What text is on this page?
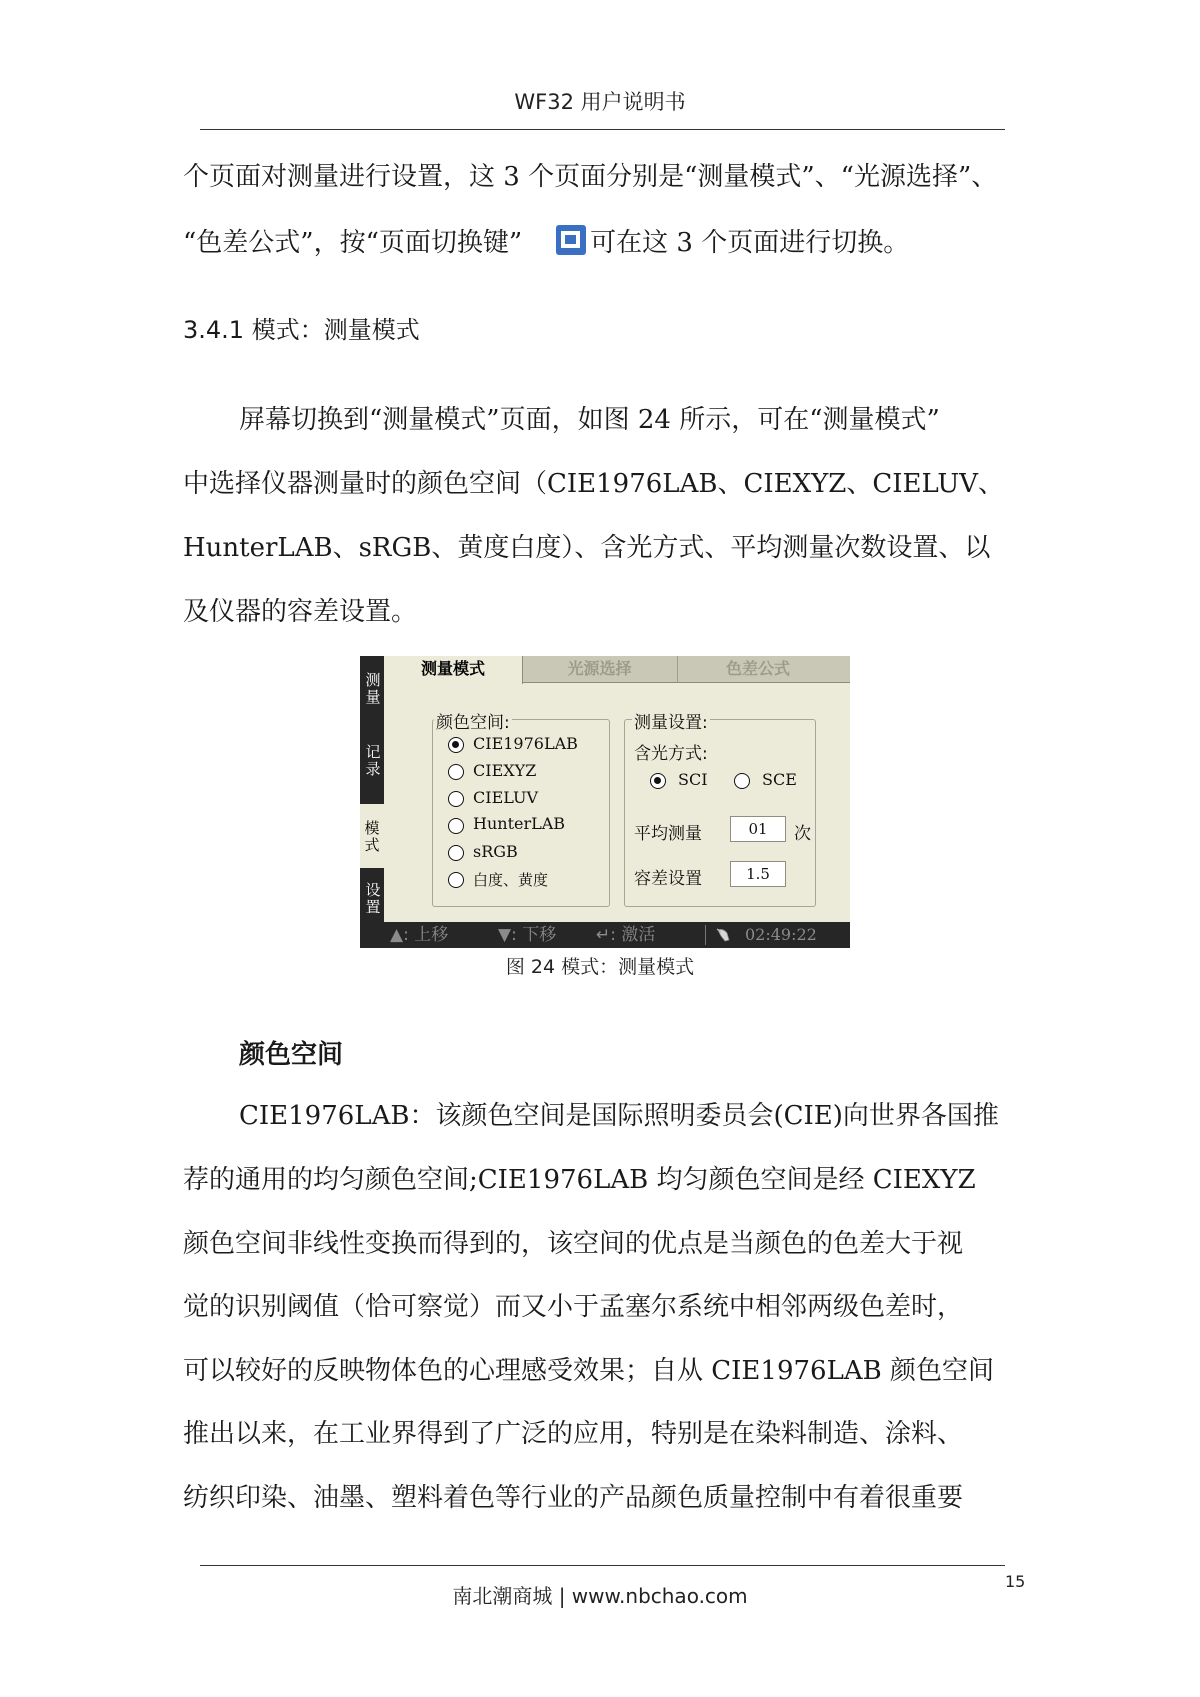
WF32 用户说明书
个页面对测量进行设置，这 3 个页面分别是“测量模式”、“光源选择”、
“色差公式”，按“页面切换键”	可在这 3 个页面进行切换。
3.4.1 模式：测量模式
屏幕切换到“测量模式”页面，如图 24 所示，可在“测量模式”
中选择仪器测量时的颜色空间（CIE1976LAB、CIEXYZ、CIELUV、
HunterLAB、sRGB、黄度白度）、含光方式、平均测量次数设置、以
及仪器的容差设置。
测量
记录
模式
设置
测量模式	光源选择	色差公式
颜色空间:
CIE1976LAB
CIEXYZ
CIELUV
HunterLAB
sRGB
白度、黄度
测量设置:
含光方式:
SCI	SCE
平均测量	01	次
容差设置	1.5
▲: 上移	▼: 下移 ↵: 激活	02:49:22
图 24 模式：测量模式
颜色空间
CIE1976LAB：该颜色空间是国际照明委员会(CIE)向世界各国推
荐的通用的均匀颜色空间;CIE1976LAB 均匀颜色空间是经 CIEXYZ
颜色空间非线性变换而得到的，该空间的优点是当颜色的色差大于视
觉的识别阈值（恰可察觉）而又小于孟塞尔系统中相邻两级色差时，
可以较好的反映物体色的心理感受效果；自从 CIE1976LAB 颜色空间
推出以来，在工业界得到了广泛的应用，特别是在染料制造、涂料、
纺织印染、油墨、塑料着色等行业的产品颜色质量控制中有着很重要
南北潮商城 | www.nbchao.com
15
